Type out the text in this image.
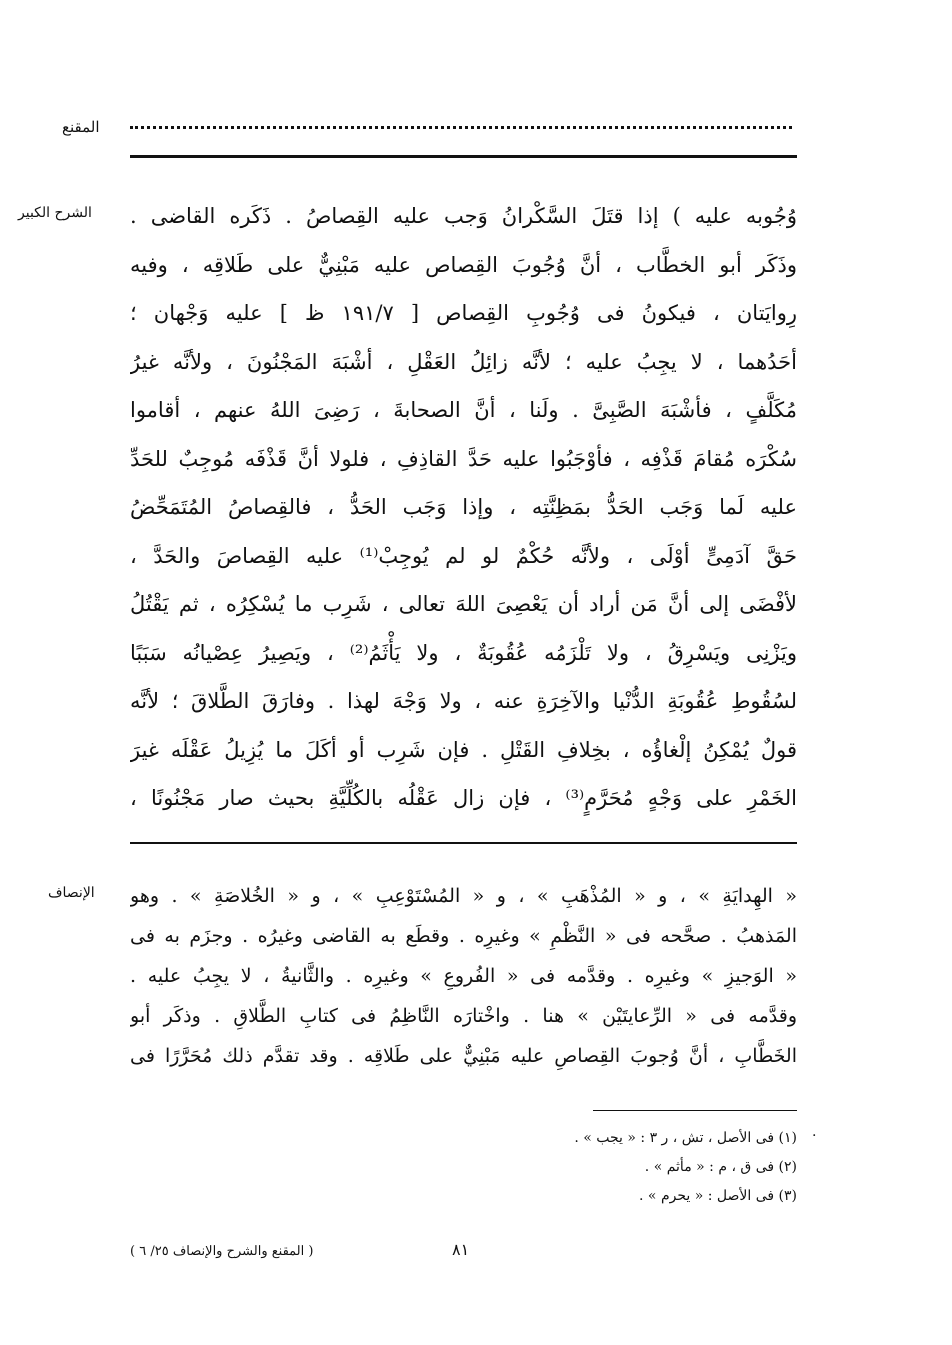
المقنع
الشرح الكبير وُجُوبه عليه ) إذا قتَلَ السَّكْرانُ وَجب عليه القِصاصُ . ذَكَره القاضى .
وذَكَر أبو الخطَّاب ، أنَّ وُجُوبَ القِصاص عليه مَبْنِيٌّ على طَلاقِه ، وفيه
رِوايَتان ، فيكونُ فى وُجُوبِ القِصاص [ ١٩١/٧ ظ ] عليه وَجْهان ؛
أحَدُهما ، لا يجِبُ عليه ؛ لأنَّه زائِلُ العَقْلِ ، أشْبَهَ المَجْنُونَ ، ولأنَّه غيرُ
مُكَلَّفٍ ، فأشْبَهَ الصَّبِىَّ . ولَنا ، أنَّ الصحابةَ ، رَضِىَ اللهُ عنهم ، أقاموا
سُكْرَه مُقامَ قَذْفِه ، فأوْجَبُوا عليه حَدَّ القاذِفِ ، فلولا أنَّ قَذْفَه مُوجِبٌ للحَدِّ
عليه لَما وَجَب الحَدُّ بمَظِنَّتِه ، وإذا وَجَب الحَدُّ ، فالقِصاصُ المُتَمَحِّضُ
حَقَّ آدَمِىٍّ أوْلَى ، ولأنَّه حُكْمٌ لو لم يُوجِبْ⁽¹⁾ عليه القِصاصَ والحَدَّ ،
لأفْضَى إلى أنَّ مَن أراد أن يَعْصِىَ اللهَ تعالى ، شَرِب ما يُسْكِرُه ، ثم يَقْتُلُ
ويَزْنِى ويَسْرِقُ ، ولا تَلْزَمُه عُقُوبَةٌ ، ولا يَأْثَمُ⁽²⁾ ، ويَصِيرُ عِصْيانُه سَبَبًا
لسُقُوطِ عُقُوبَةِ الدُّنْيا والآخِرَةِ عنه ، ولا وَجْهَ لهذا . وفارَقَ الطَّلاقَ ؛ لأنَّه
قولٌ يُمْكِنُ إلْغاؤُه ، بخِلافِ القَتْلِ . فإن شَرِب أو أكَلَ ما يُزِيلُ عَقْلَه غيرَ
الخَمْرِ على وَجْهٍ مُحَرَّمٍ⁽³⁾ ، فإن زال عَقْلُه بالكُلِّيَّةِ بحيث صار مَجْنُونًا ،
الإنصاف « الهِدايَةِ » ، و « المُذْهَبِ » ، و « المُسْتَوْعِبِ » ، و « الخُلاصَةِ » . وهو
المَذهبُ . صحَّحه فى « النَّظْمِ » وغيرِه . وقطَع به القاضى وغيرُه . وجزَم به فى
« الوَجيزِ » وغيرِه . وقدَّمه فى « الفُروعِ » وغيرِه . والثَّانيةُ ، لا يجِبُ عليه .
وقدَّمه فى « الرِّعايتَيْن » هنا . واخْتارَه النَّاظِمُ فى كتابِ الطَّلاقِ . وذكَر أبو
الخَطَّابِ ، أنَّ وُجوبَ القِصاصِ عليه مَبْنِيٌّ على طَلاقِه . وقد تقدَّم ذلك مُحَرَّرًا فى
.
(١) فى الأصل ، تش ، ر ٣ : « يجب » .
(٢) فى ق ، م : « مأثم » .
(٣) فى الأصل : « يحرم » .
٨١
( المقنع والشرح والإنصاف ٢٥/ ٦ )
